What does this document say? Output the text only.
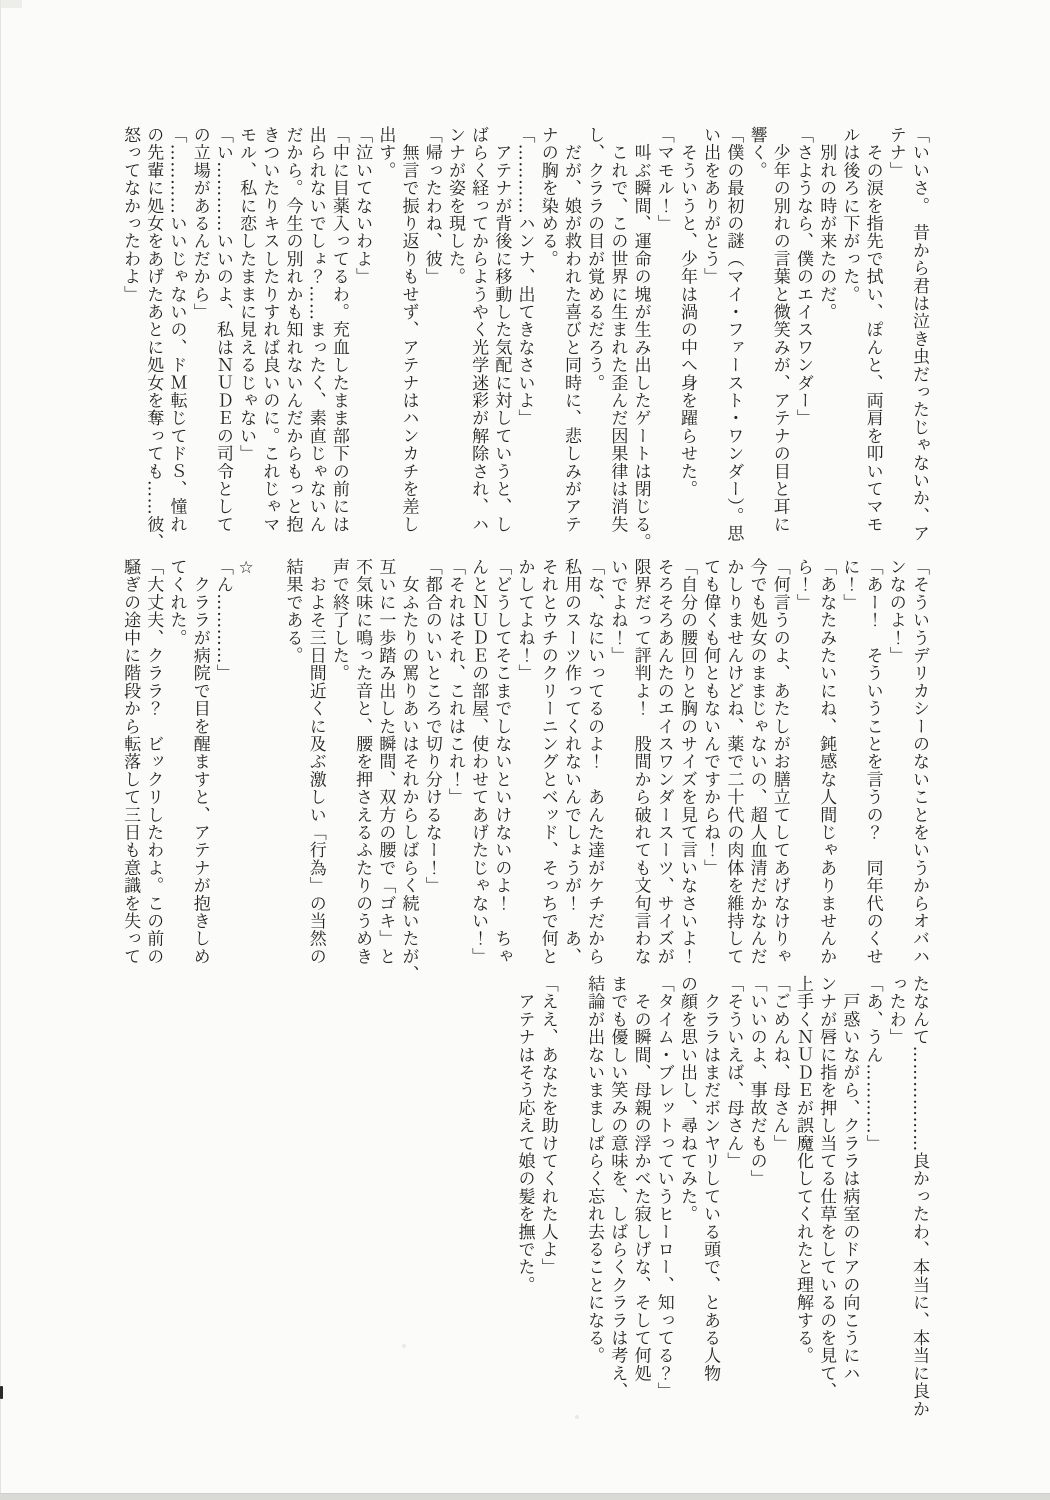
「いいさ。　昔から君は泣き虫だったじゃないか、ア

テナ」

　その涙を指先で拭い、ぽんと、両肩を叩いてマモ

ルは後ろに下がった。

　別れの時が来たのだ。

「さようなら、僕のエイスワンダー」

　少年の別れの言葉と微笑みが、アテナの目と耳に

響く。

「僕の最初の謎（マイ・ファースト・ワンダー）。思

い出をありがとう」

　そういうと、少年は渦の中へ身を躍らせた。

「マモル！」

　叫ぶ瞬間、運命の塊が生み出したゲートは閉じる。

　これで、この世界に生まれた歪んだ因果律は消失

し、クララの目が覚めるだろう。

　だが、娘が救われた喜びと同時に、悲しみがアテ

ナの胸を染める。

「…………ハンナ、出てきなさいよ」

　アテナが背後に移動した気配に対していうと、し

ばらく経ってからようやく光学迷彩が解除され、ハ

ンナが姿を現した。

「帰ったわね、彼」

　無言で振り返りもせず、アテナはハンカチを差し

出す。

「泣いてないわよ」

「中に目薬入ってるわ。充血したまま部下の前には

出られないでしょ？……まったく、素直じゃないん

だから。今生の別れかも知れないんだからもっと抱

きついたりキスしたりすれば良いのに。これじゃマ

モル、私に恋したままに見えるじゃない」

「い…………いいのよ、私はＮＵＤＥの司令として

の立場があるんだから」

「…………いいじゃないの、ドＭ転じてドＳ、憧れ

の先輩に処女をあげたあとに処女を奪っても……彼、

怒ってなかったわよ」

「そういうデリカシーのないことをいうからオバハ

ンなのよ！」

「あー！　そういうことを言うの？　同年代のくせ

に！」

「あなたみたいにね、鈍感な人間じゃありませんか

ら！」

「何言うのよ、あたしがお膳立てしてあげなけりゃ

今でも処女のままじゃないの、超人血清だかなんだ

かしりませんけどね、薬で二十代の肉体を維持して

ても偉くも何ともないんですからね！」

「自分の腰回りと胸のサイズを見て言いなさいよ！

そろそろあんたのエイスワンダースーツ、サイズが

限界だって評判よ！　股間から破れても文句言わな

いでよね！」

「な、なにいってるのよ！　あんた達がケチだから

私用のスーツ作ってくれないんでしょうが！　あ、

それとウチのクリーニングとベッド、そっちで何と

かしてよね！」

「どうしてそこまでしないといけないのよ！　ちゃ

んとＮＵＤＥの部屋、使わせてあげたじゃない！」

「それはそれ、これはこれ！」

「都合のいいところで切り分けるなー！」

　女ふたりの罵りあいはそれからしばらく続いたが、

互いに一歩踏み出した瞬間、双方の腰で「ゴキ」と

不気味に鳴った音と、腰を押さえるふたりのうめき

声で終了した。

　およそ三日間近くに及ぶ激しい「行為」の当然の

結果である。

☆

「ん…………」

　クララが病院で目を醒ますと、アテナが抱きしめ

てくれた。

「大丈夫、クララ？　ビックリしたわよ。この前の

騒ぎの途中に階段から転落して三日も意識を失って

たなんて………………良かったわ、本当に、本当に良か

ったわ」

「あ、うん…………」

　戸惑いながら、クララは病室のドアの向こうにハ

ンナが唇に指を押し当てる仕草をしているのを見て、

上手くＮＵＤＥが誤魔化してくれたと理解する。

「ごめんね、母さん」

「いいのよ、事故だもの」

「そういえば、母さん」

　クララはまだボンヤリしている頭で、とある人物

の顔を思い出し、尋ねてみた。

「タイム・ブレットっていうヒーロー、知ってる？」

　その瞬間、母親の浮かべた寂しげな、そして何処

までも優しい笑みの意味を、しばらくクララは考え、

結論が出ないまましばらく忘れ去ることになる。

「ええ、あなたを助けてくれた人よ」

　アテナはそう応えて娘の髪を撫でた。
